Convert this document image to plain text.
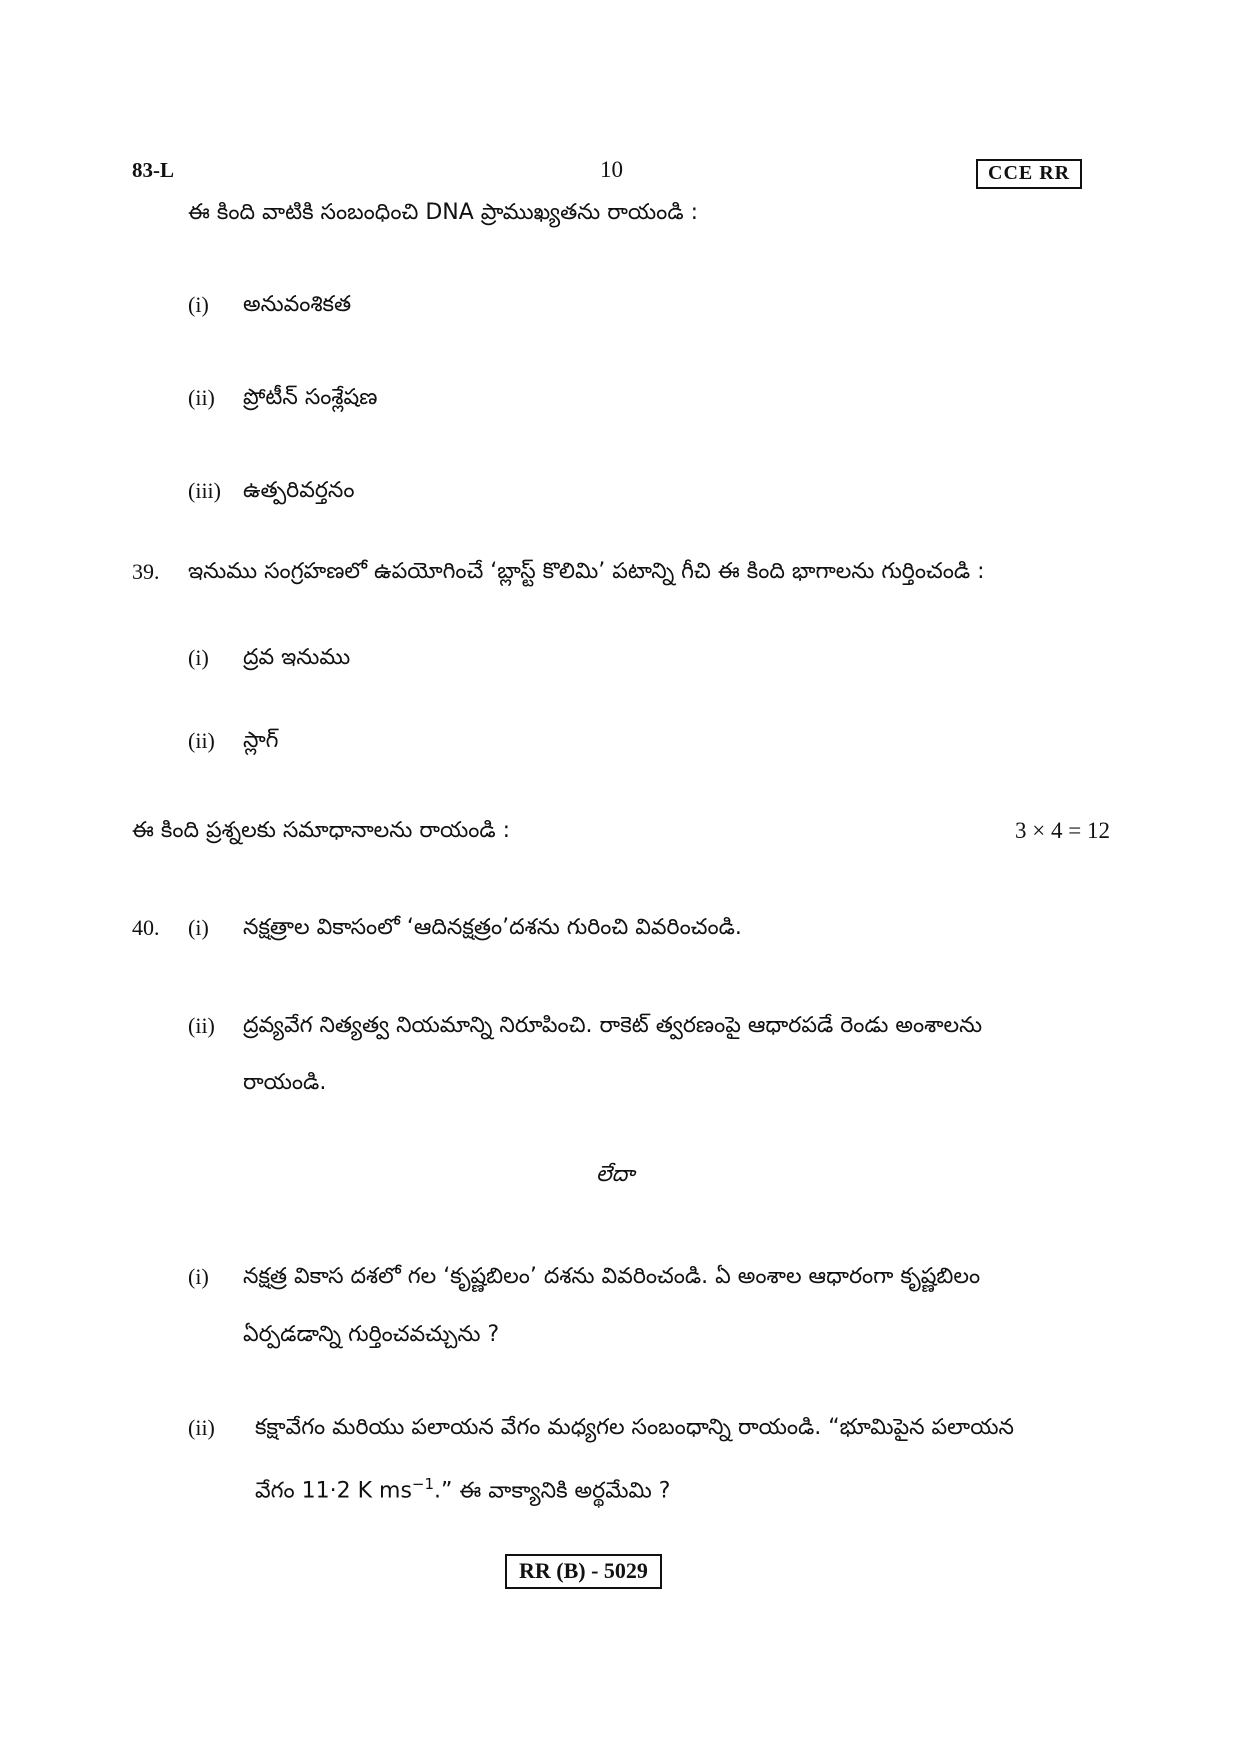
83-L	10	CCE RR
ఈ కింది వాటికి సంబంధించి DNA ప్రాముఖ్యతను రాయండి :
(i) అనువంశికత
(ii) ప్రోటీన్ సంశ్లేషణ
(iii) ఉత్పరివర్తనం
39. ఇనుము సంగ్రహణలో ఉపయోగించే ‘బ్లాస్ట్ కొలిమి’ పటాన్ని గీచి ఈ కింది భాగాలను గుర్తించండి :
(i) ద్రవ ఇనుము
(ii) స్లాగ్
ఈ కింది ప్రశ్నలకు సమాధానాలను రాయండి :	3 × 4 = 12
40. (i) నక్షత్రాల వికాసంలో ‘ఆదినక్షత్రం’దశను గురించి వివరించండి.
(ii) ద్రవ్యవేగ నిత్యత్వ నియమాన్ని నిరూపించి. రాకెట్ త్వరణంపై ఆధారపడే రెండు అంశాలను
రాయండి.
లేదా
(i) నక్షత్ర వికాస దశలో గల ‘కృష్ణబిలం’ దశను వివరించండి. ఏ అంశాల ఆధారంగా కృష్ణబిలం
ఏర్పడడాన్ని గుర్తించవచ్చును ?
(ii) కక్షావేగం మరియు పలాయన వేగం మధ్యగల సంబంధాన్ని రాయండి. “భూమిపైన పలాయన
వేగం 11·2 K $ms^{-1}$.” ఈ వాక్యానికి అర్థమేమి ?
RR (B) - 5029
